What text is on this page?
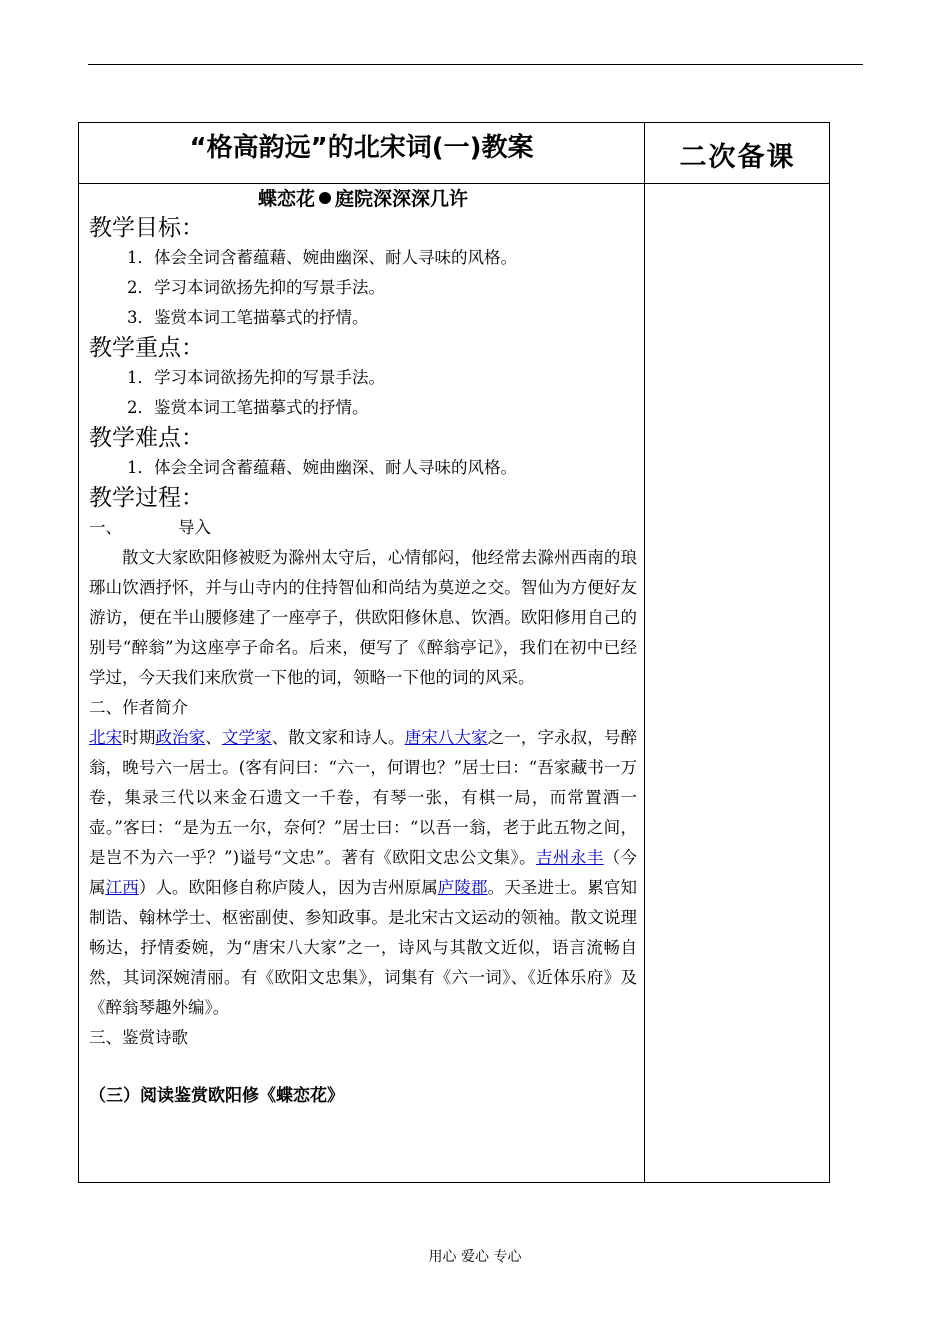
“格高韵远”的北宋词(一)教案	二次备课
蝶恋花 庭院深深深几许
教学目标：
1．体会全词含蓄蕴藉、婉曲幽深、耐人寻味的风格。
2．学习本词欲扬先抑的写景手法。
3．鉴赏本词工笔描摹式的抒情。
教学重点：
1．学习本词欲扬先抑的写景手法。
2．鉴赏本词工笔描摹式的抒情。
教学难点：
1．体会全词含蓄蕴藉、婉曲幽深、耐人寻味的风格。
教学过程：
一、	导入
散文大家欧阳修被贬为滁州太守后，心情郁闷，他经常去滁州西南的琅琊山饮酒抒怀，并与山寺内的住持智仙和尚结为莫逆之交。智仙为方便好友游访，便在半山腰修建了一座亭子，供欧阳修休息、饮酒。欧阳修用自己的别号“醉翁”为这座亭子命名。后来，便写了《醉翁亭记》，我们在初中已经学过，今天我们来欣赏一下他的词，领略一下他的词的风采。
二、作者简介
北宋时期政治家、文学家、散文家和诗人。唐宋八大家之一，字永叔，号醉翁，晚号六一居士。(客有问曰：“六一，何谓也？”居士曰：“吾家藏书一万卷，集录三代以来金石遗文一千卷，有琴一张，有棋一局，而常置酒一壶。”客曰：“是为五一尔，奈何？”居士曰：“以吾一翁，老于此五物之间，是岂不为六一乎？”)谥号“文忠”。著有《欧阳文忠公文集》。吉州永丰（今属江西）人。欧阳修自称庐陵人，因为吉州原属庐陵郡。天圣进士。累官知制诰、翰林学士、枢密副使、参知政事。是北宋古文运动的领袖。散文说理畅达，抒情委婉，为“唐宋八大家”之一，诗风与其散文近似，语言流畅自然，其词深婉清丽。有《欧阳文忠集》，词集有《六一词》、《近体乐府》及《醉翁琴趣外编》。
三、鉴赏诗歌
（三）阅读鉴赏欧阳修《蝶恋花》
用心 爱心 专心
